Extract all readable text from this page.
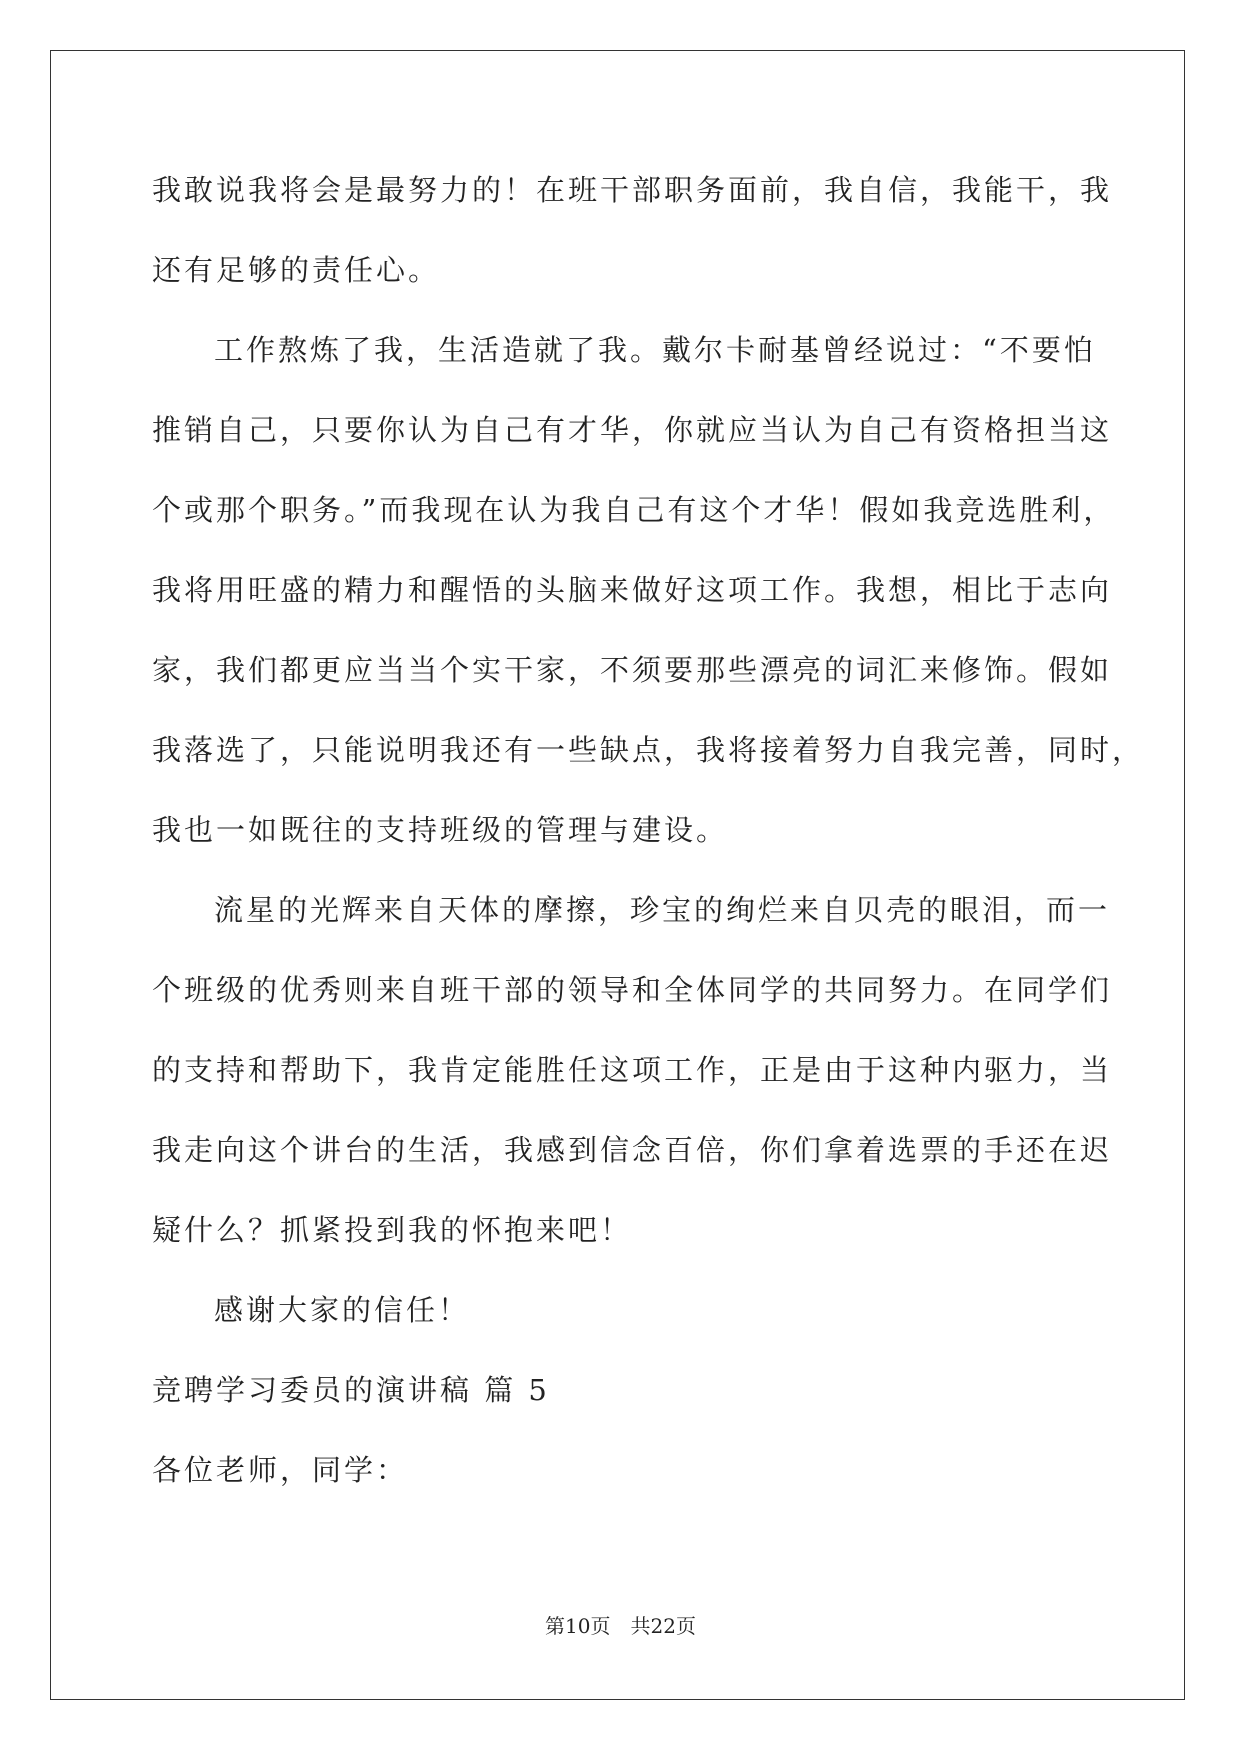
我敢说我将会是最努力的！在班干部职务面前，我自信，我能干，我
还有足够的责任心。
工作熬炼了我，生活造就了我。戴尔卡耐基曾经说过：“不要怕
推销自己，只要你认为自己有才华，你就应当认为自己有资格担当这
个或那个职务。”而我现在认为我自己有这个才华！假如我竞选胜利，
我将用旺盛的精力和醒悟的头脑来做好这项工作。我想，相比于志向
家，我们都更应当当个实干家，不须要那些漂亮的词汇来修饰。假如
我落选了，只能说明我还有一些缺点，我将接着努力自我完善，同时，
我也一如既往的支持班级的管理与建设。
流星的光辉来自天体的摩擦，珍宝的绚烂来自贝壳的眼泪，而一
个班级的优秀则来自班干部的领导和全体同学的共同努力。在同学们
的支持和帮助下，我肯定能胜任这项工作，正是由于这种内驱力，当
我走向这个讲台的生活，我感到信念百倍，你们拿着选票的手还在迟
疑什么？抓紧投到我的怀抱来吧！
感谢大家的信任！
竞聘学习委员的演讲稿 篇 5
各位老师，同学：
第10页　共22页
